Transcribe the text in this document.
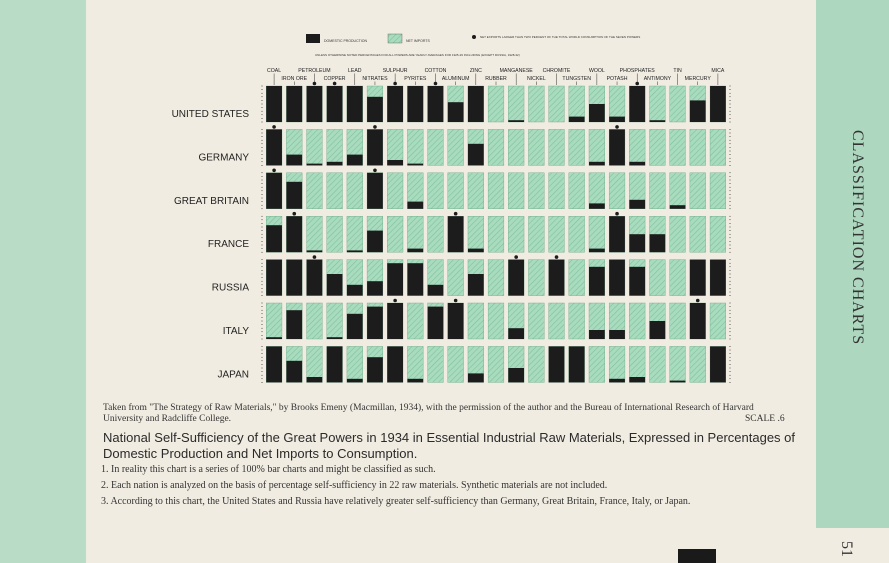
CLASSIFICATION CHARTS
51
DOMESTIC PRODUCTION	NET IMPORTS
NET EXPORTS LARGER THAN TWO PERCENT OF THE TOTAL WORLD CONSUMPTION OF THE SEVEN POWERS
UNLESS OTHERWISE NOTED PERCENTAGES FOR ALL POWERS ARE YEARLY AVERAGES FOR 1925-29 INCLUDING (EXCEPT RUSSIA, 1928-32)
COAL
IRON ORE
PETROLEUM
COPPER
LEAD
NITRATES
SULPHUR
PYRITES
COTTON
ALUMINUM
ZINC
RUBBER
MANGANESE
NICKEL
CHROMITE
TUNGSTEN
WOOL
POTASH
PHOSPHATES
ANTIMONY
TIN
MERCURY
MICA
UNITED STATES
GERMANY
GREAT BRITAIN
FRANCE
RUSSIA
ITALY
JAPAN
Taken from "The Strategy of Raw Materials," by Brooks Emeny (Macmillan, 1934), with the permission of the author and the Bureau of International Research of Harvard University and Radcliffe College.	SCALE .6
National Self-Sufficiency of the Great Powers in 1934 in Essential Industrial Raw Materials, Expressed in Percentages of Domestic Production and Net Imports to Consumption.
1. In reality this chart is a series of 100% bar charts and might be classified as such.
2. Each nation is analyzed on the basis of percentage self-sufficiency in 22 raw materials. Synthetic materials are not included.
3. According to this chart, the United States and Russia have relatively greater self-sufficiency than Germany, Great Britain, France, Italy, or Japan.
